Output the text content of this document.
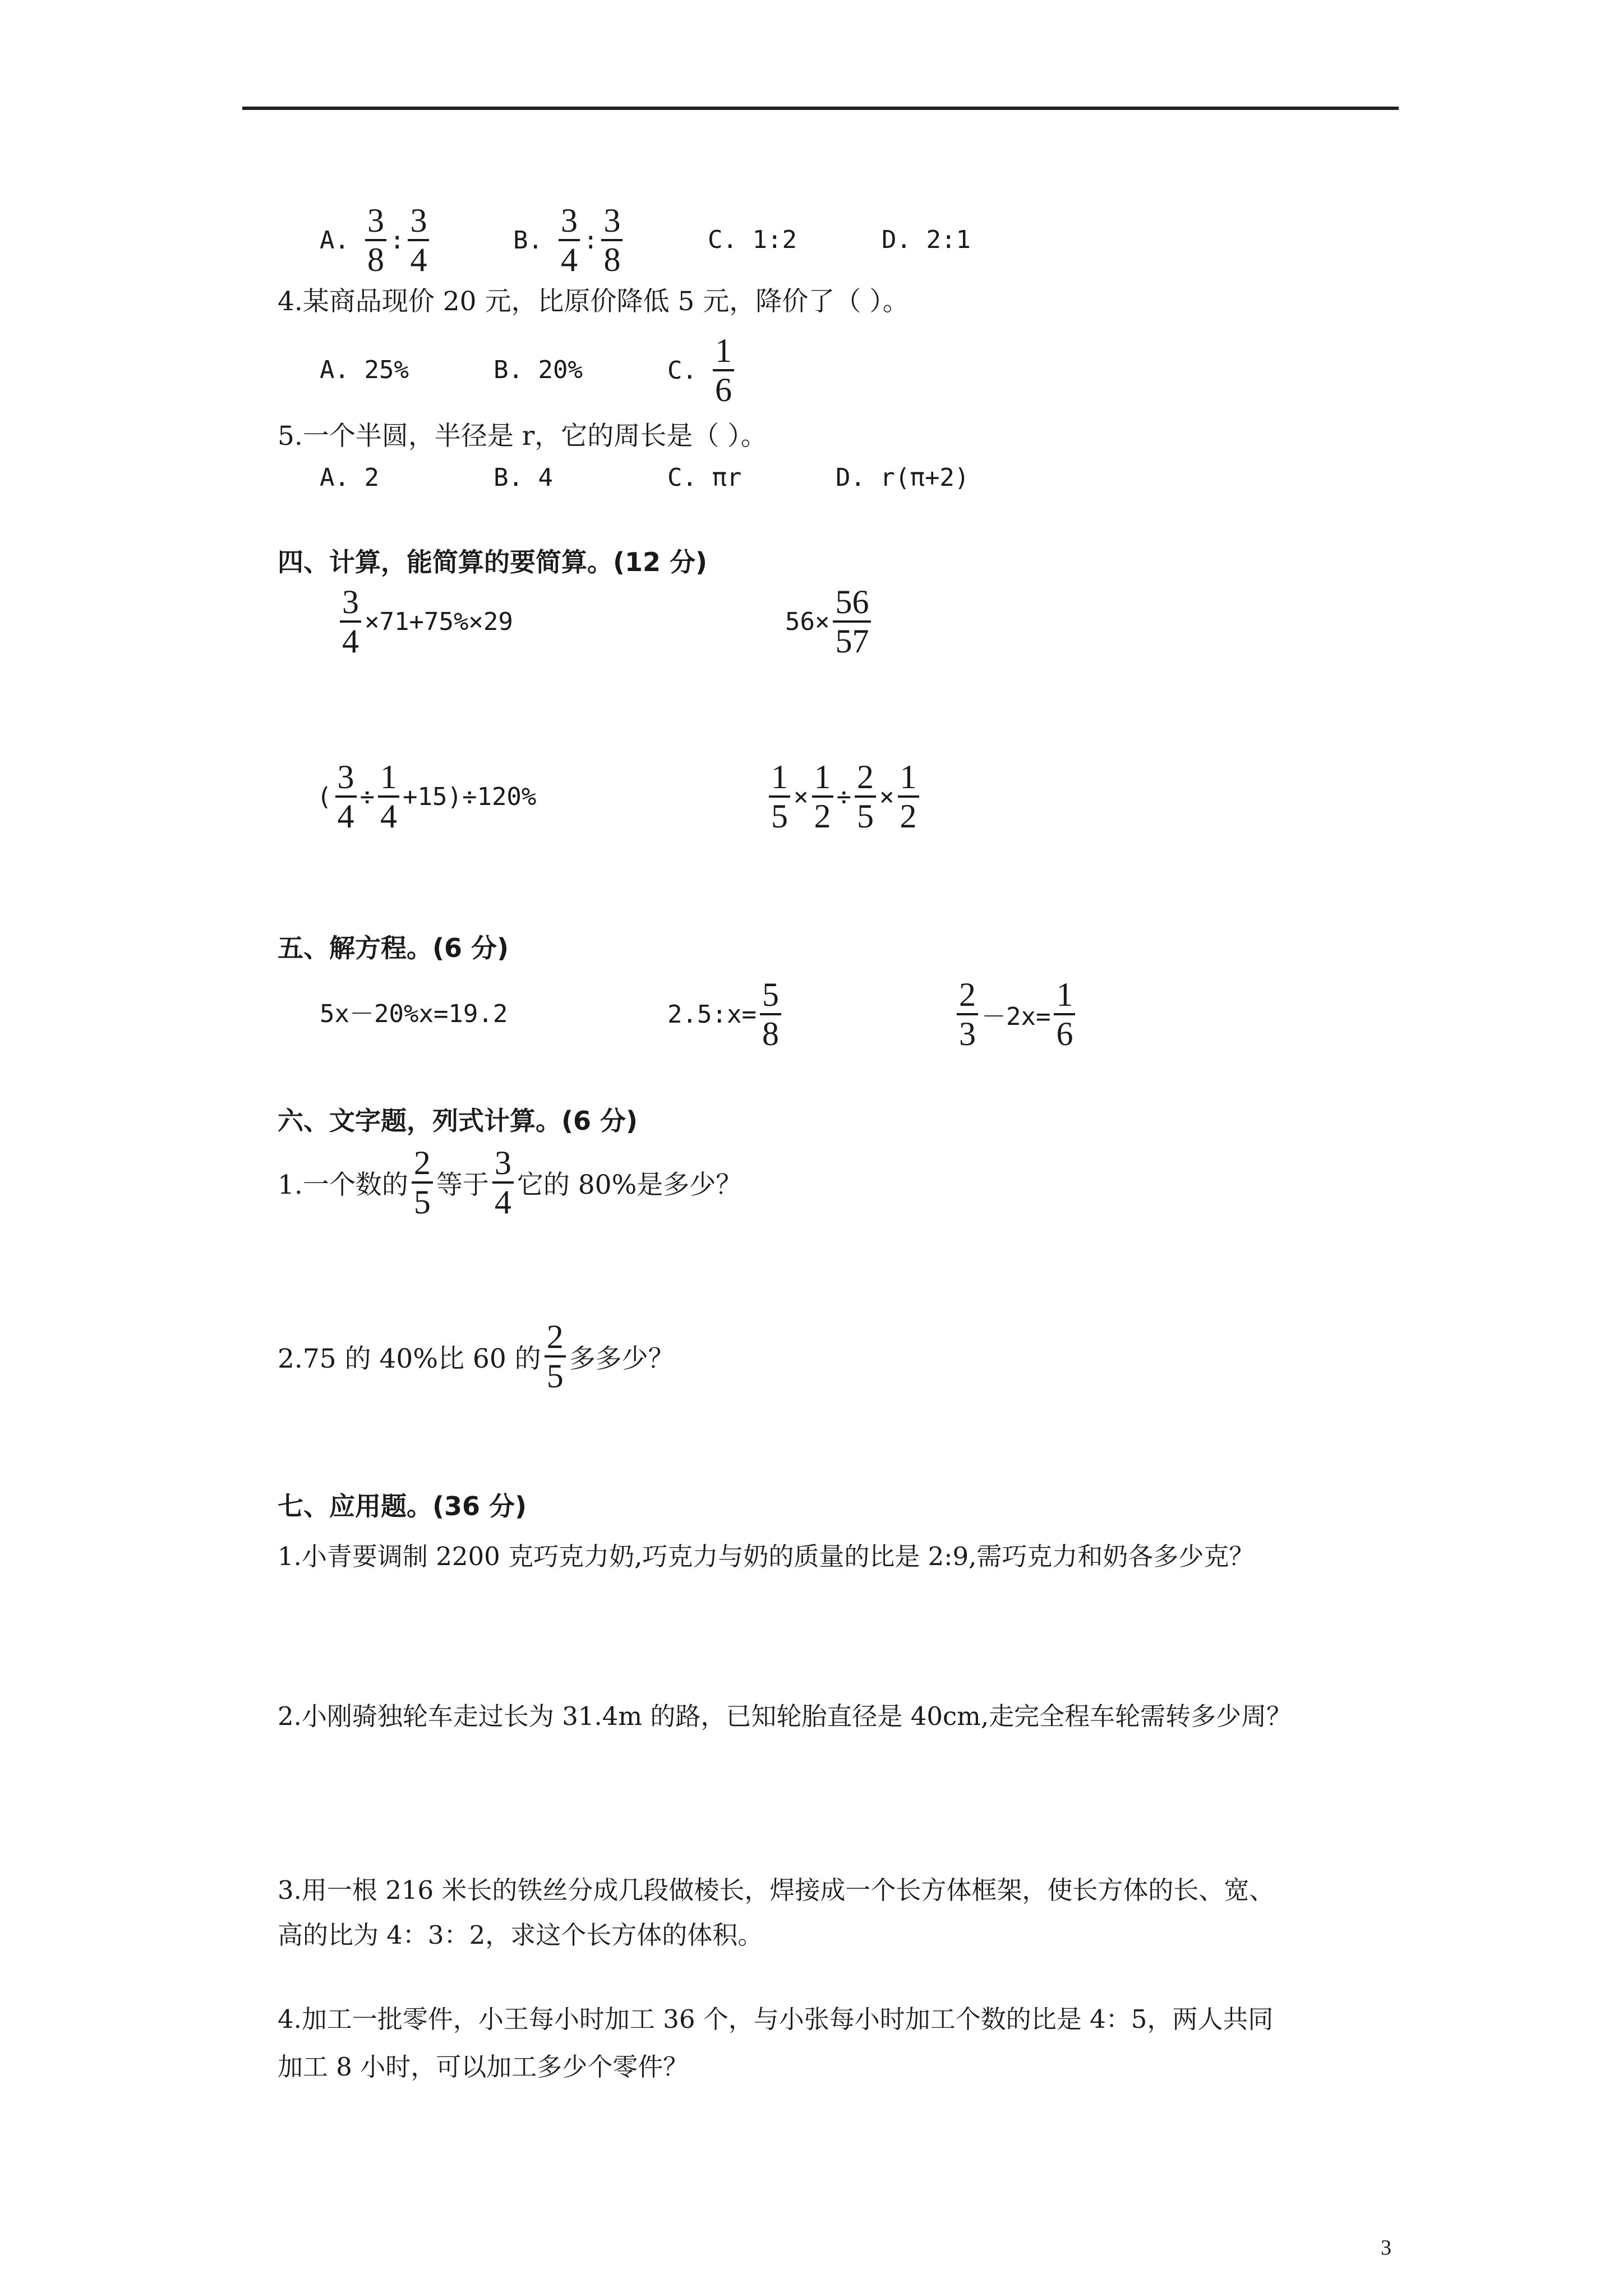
A. $\frac{3}{8}$ : $\frac{3}{4}$	B. $\frac{3}{4}$ : $\frac{3}{8}$	C. 1:2	D. 2:1
4.某商品现价 20 元，比原价降低 5 元，降价了（ ）。
A. 25%	B. 20%	C. $\frac{1}{6}$
5.一个半圆，半径是 r，它的周长是（ ）。
A. 2	B. 4	C. πr	D. r(π+2)
四、计算，能简算的要简算。(12 分)
$\frac{3}{4} \times 71+75\%\times 29$	$56\times \frac{56}{57}$
( $\frac{3}{4} \div \frac{1}{4} +15)\div 120\%$	$\frac{1}{5} \times \frac{1}{2} \div \frac{2}{5} \times \frac{1}{2}$
五、解方程。(6 分)
5x－20%x=19.2	2.5:x= $\frac{5}{8}$	$\frac{2}{3} -2x= \frac{1}{6}$
六、文字题，列式计算。(6 分)
1.一个数的 $\frac{2}{5}$ 等于 $\frac{3}{4}$ 它的 80%是多少？
2.75 的 40%比 60 的 $\frac{2}{5}$ 多多少？
七、应用题。(36 分)
1.小青要调制 2200 克巧克力奶,巧克力与奶的质量的比是 2:9,需巧克力和奶各多少克？
2.小刚骑独轮车走过长为 31.4m 的路，已知轮胎直径是 40cm,走完全程车轮需转多少周？
3.用一根 216 米长的铁丝分成几段做棱长，焊接成一个长方体框架，使长方体的长、宽、
高的比为 4：3：2，求这个长方体的体积。
4.加工一批零件，小王每小时加工 36 个，与小张每小时加工个数的比是 4：5，两人共同
加工 8 小时，可以加工多少个零件？
3
